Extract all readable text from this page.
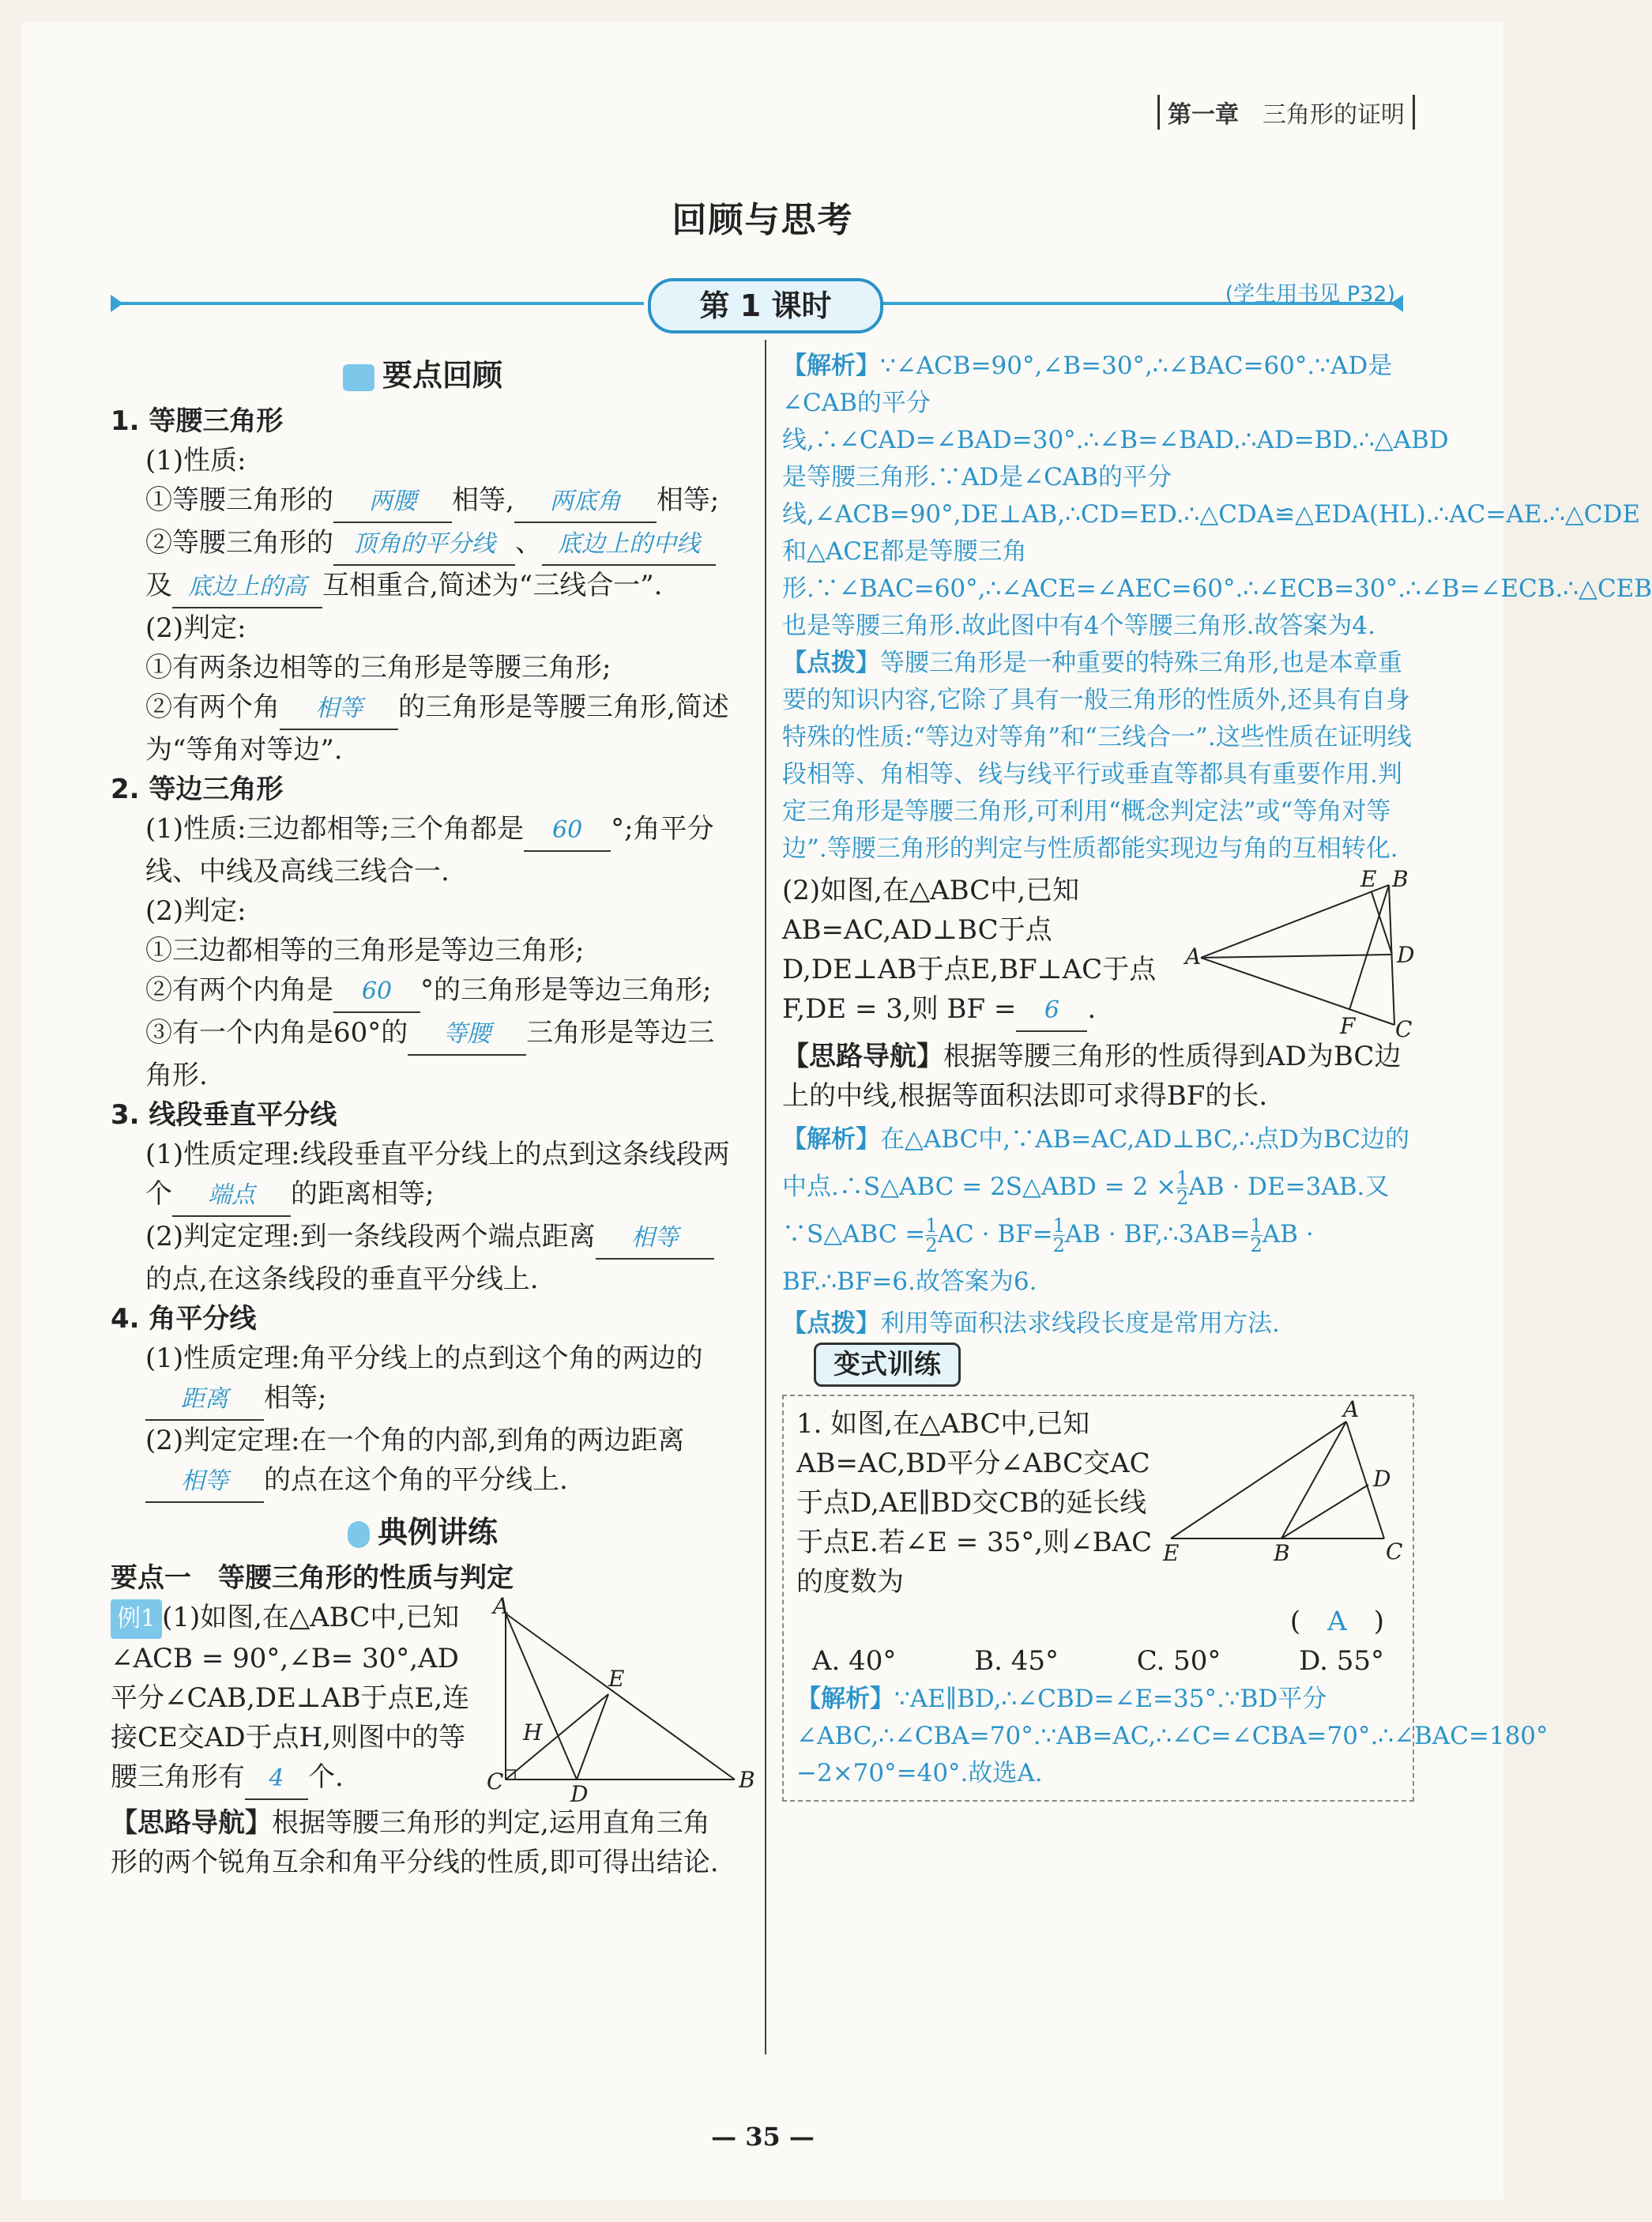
第一章　 三角形的证明
回顾与思考
第 1 课时	(学生用书见 P32)
要点回顾

1. 等腰三角形

(1)性质:

①等腰三角形的 两腰 相等, 两底角 相等;

②等腰三角形的 顶角的平分线 、 底边上的中线及 底边上的高 互相重合,简述为“三线合一”.

(2)判定:

①有两条边相等的三角形是等腰三角形;

②有两个角 相等 的三角形是等腰三角形,简述为“等角对等边”.

2. 等边三角形

(1)性质:三边都相等;三个角都是 60 °;角平分线、中线及高线三线合一.

(2)判定:

①三边都相等的三角形是等边三角形;

②有两个内角是 60 °的三角形是等边三角形;

③有一个内角是60°的 等腰 三角形是等边三角形.

3. 线段垂直平分线

(1)性质定理:线段垂直平分线上的点到这条线段两个 端点 的距离相等;

(2)判定定理:到一条线段两个端点距离 相等的点,在这条线段的垂直平分线上.

4. 角平分线

(1)性质定理:角平分线上的点到这个角的两边的距离 相等;

(2)判定定理:在一个角的内部,到角的两边距离相等 的点在这个角的平分线上.

典例讲练

要点一　等腰三角形的性质与判定

A
B
C	D
E
H

例1 (1)如图,在△ABC中,已知∠ACB = 90°,∠B= 30°,AD 平分∠CAB,DE⊥AB于点E,连接CE交AD于点H,则图中的等腰三角形有 4 个.

【思路导航】根据等腰三角形的判定,运用直角三角形的两个锐角互余和角平分线的性质,即可得出结论.

【解析】∵∠ACB=90°,∠B=30°,∴∠BAC=60°.∵AD是∠CAB的平分线,∴∠CAD=∠BAD=30°.∴∠B=∠BAD.∴AD=BD.∴△ABD是等腰三角形.∵AD是∠CAB的平分线,∠ACB=90°,DE⊥AB,∴CD=ED.∴△CDA≌△EDA(HL).∴AC=AE.∴△CDE和△ACE都是等腰三角形.∵∠BAC=60°,∴∠ACE=∠AEC=60°.∴∠ECB=30°.∴∠B=∠ECB.∴△CEB也是等腰三角形.故此图中有4个等腰三角形.故答案为4.

【点拨】等腰三角形是一种重要的特殊三角形,也是本章重要的知识内容,它除了具有一般三角形的性质外,还具有自身特殊的性质:“等边对等角”和“三线合一”.这些性质在证明线段相等、角相等、线与线平行或垂直等都具有重要作用.判定三角形是等腰三角形,可利用“概念判定法”或“等角对等边”.等腰三角形的判定与性质都能实现边与角的互相转化.

A
B
C
D
E
F

(2)如图,在△ABC中,已知AB=AC,AD⊥BC于点D,DE⊥AB于点E,BF⊥AC于点F,DE = 3,则 BF = 6 .

【思路导航】根据等腰三角形的性质得到AD为BC边上的中线,根据等面积法即可求得BF的长.

【解析】在△ABC中,∵AB=AC,AD⊥BC,∴点D为BC边的中点.∴S△ABC = 2S△ABD = $2 \times \frac{1}{2}$ AB · DE=3AB.又∵S△ABC = $\frac{1}{2}$ AC · $BF= \frac{1}{2}$ AB · BF,∴3AB= $\frac{1}{2}$ AB · BF.∴BF=6.故答案为6.

【点拨】利用等面积法求线段长度是常用方法.

变式训练
A
B	C
D
E

1. 如图,在△ABC中,已知AB=AC,BD平分∠ABC交AC于点D,AE∥BD交CB的延长线于点E.若∠E = 35°,则∠BAC的度数为

(　 A　 )

A. 40°	B. 45°	C. 50°	D. 55°

【解析】∵AE∥BD,∴∠CBD=∠E=35°.∵BD平分∠ABC,∴∠CBA=70°.∵AB=AC,∴∠C=∠CBA=70°.∴∠BAC=180°−2×70°=40°.故选A.

— 35 —
